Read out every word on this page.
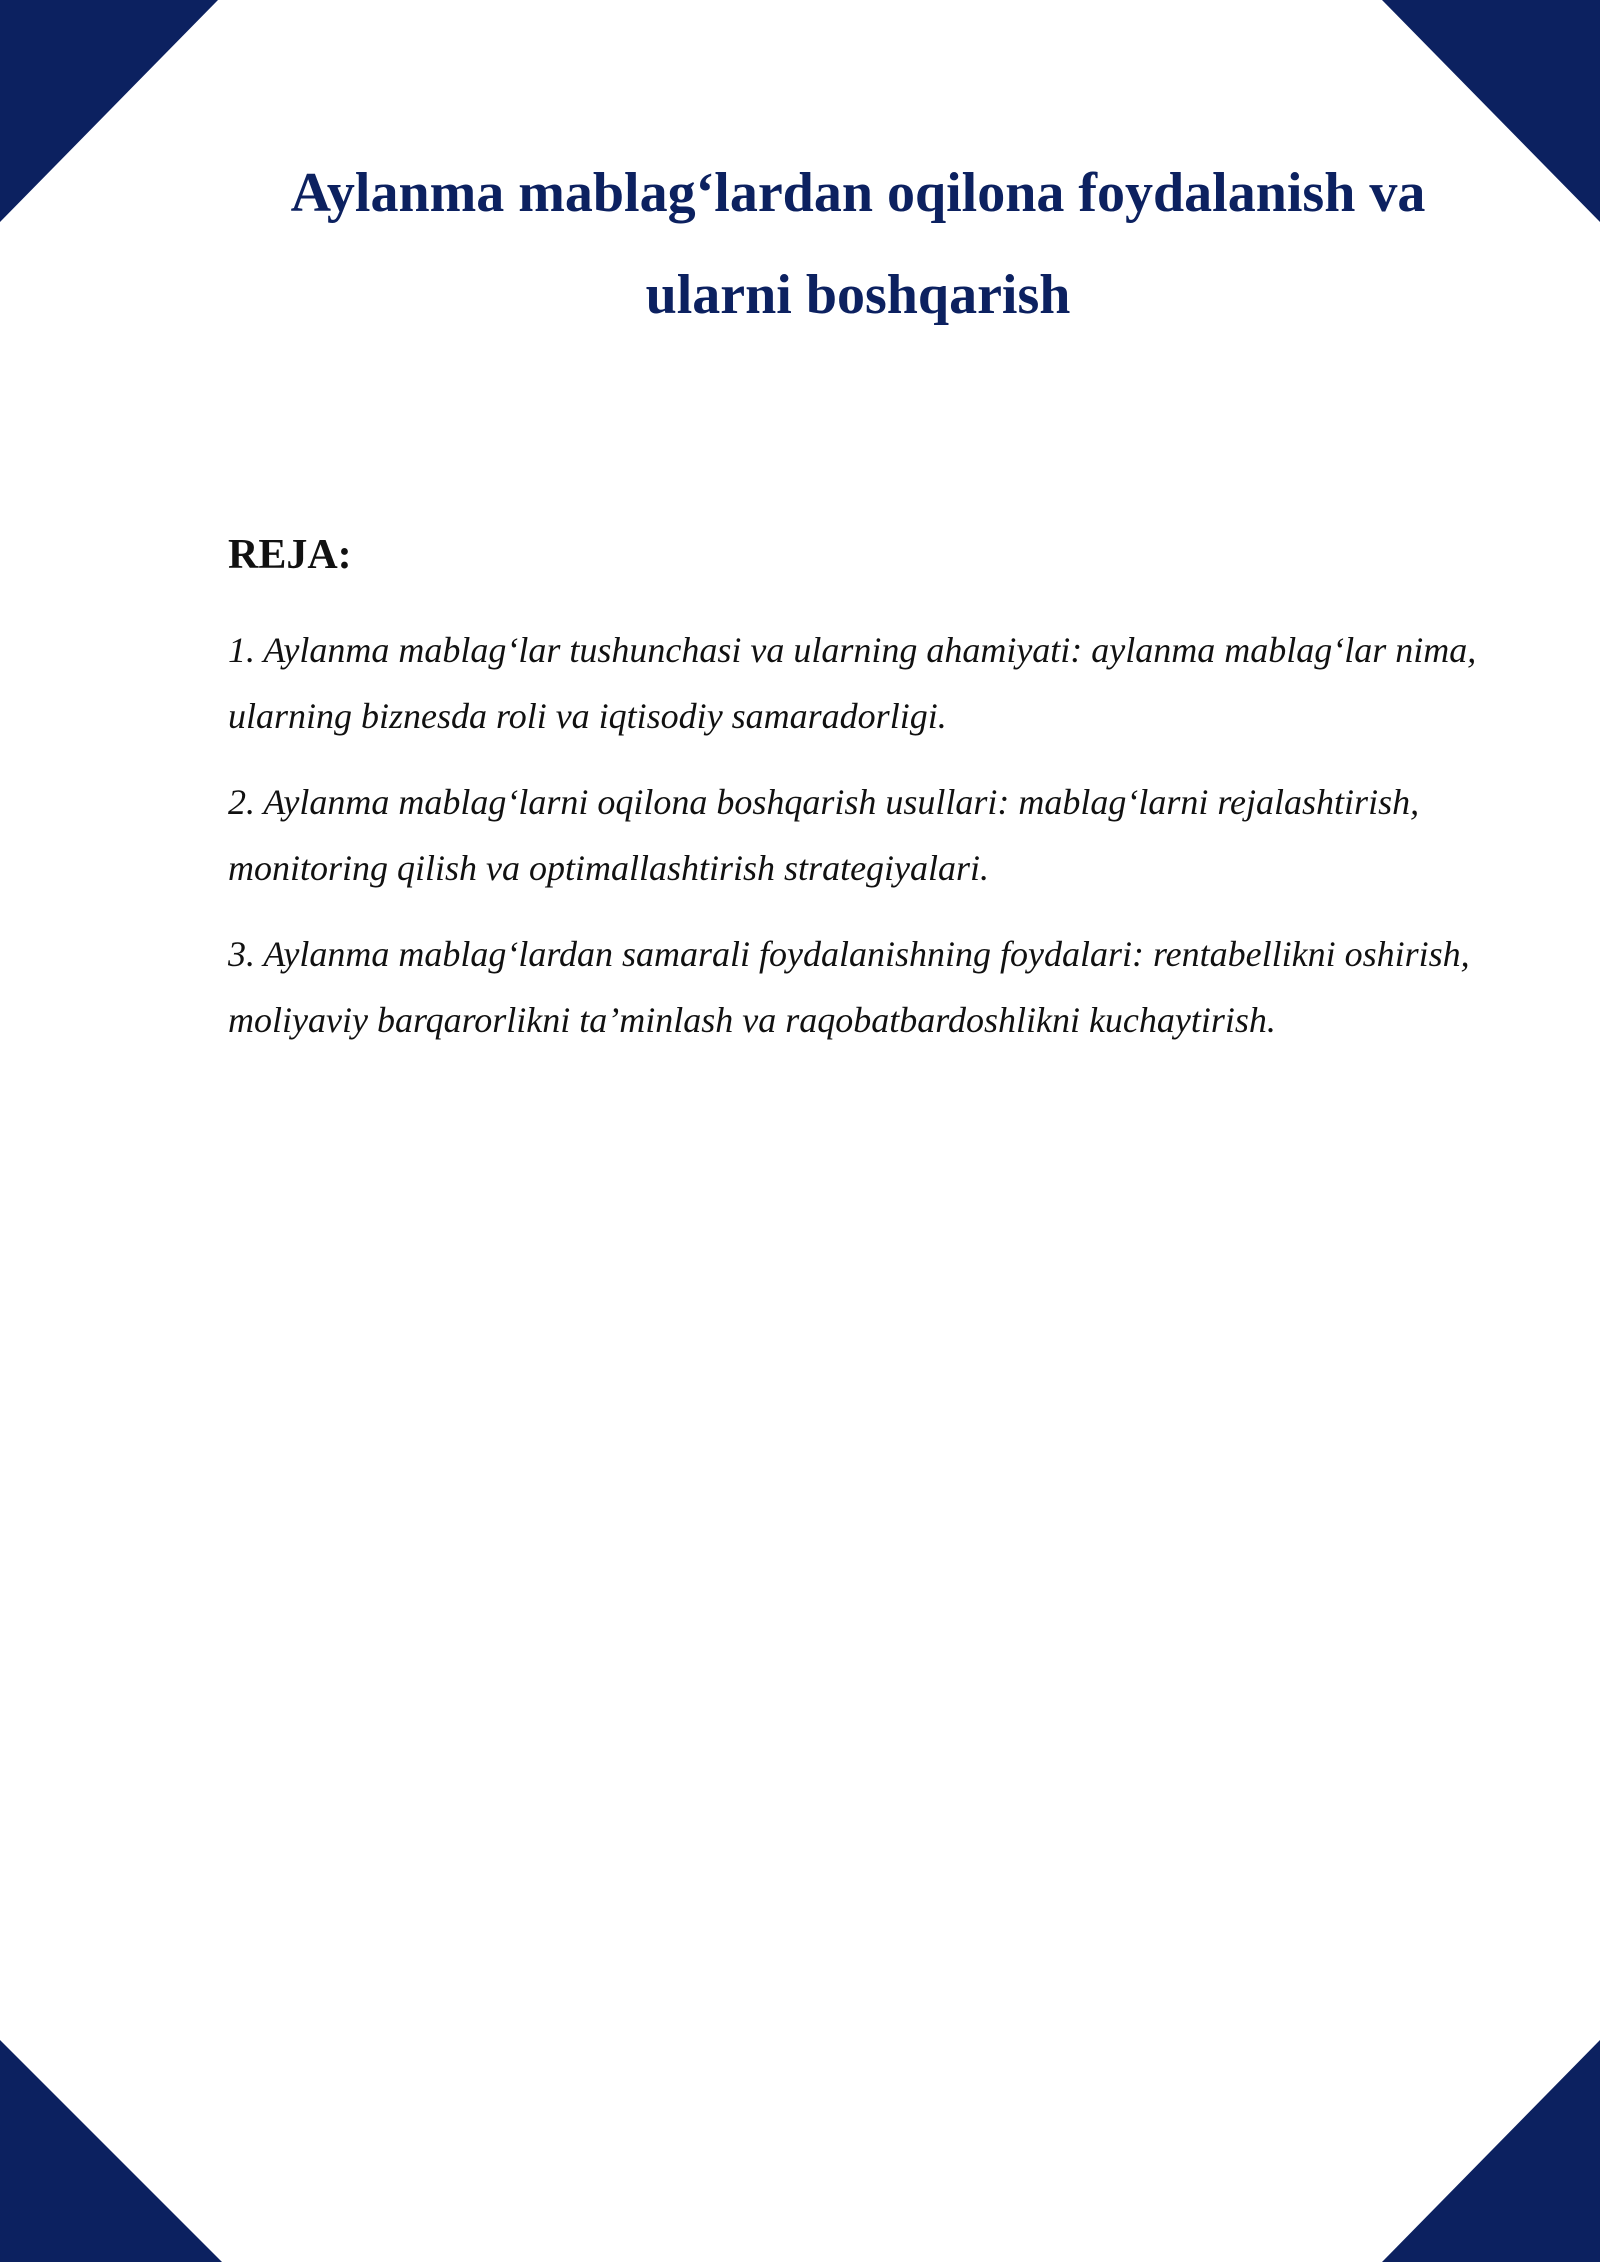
Aylanma mablag‘lardan oqilona foydalanish va ularni boshqarish

REJA:

1. Aylanma mablag‘lar tushunchasi va ularning ahamiyati: aylanma mablag‘lar nima, ularning biznesda roli va iqtisodiy samaradorligi.

2. Aylanma mablag‘larni oqilona boshqarish usullari: mablag‘larni rejalashtirish, monitoring qilish va optimallashtirish strategiyalari.

3. Aylanma mablag‘lardan samarali foydalanishning foydalari: rentabellikni oshirish, moliyaviy barqarorlikni ta’minlash va raqobatbardoshlikni kuchaytirish.
